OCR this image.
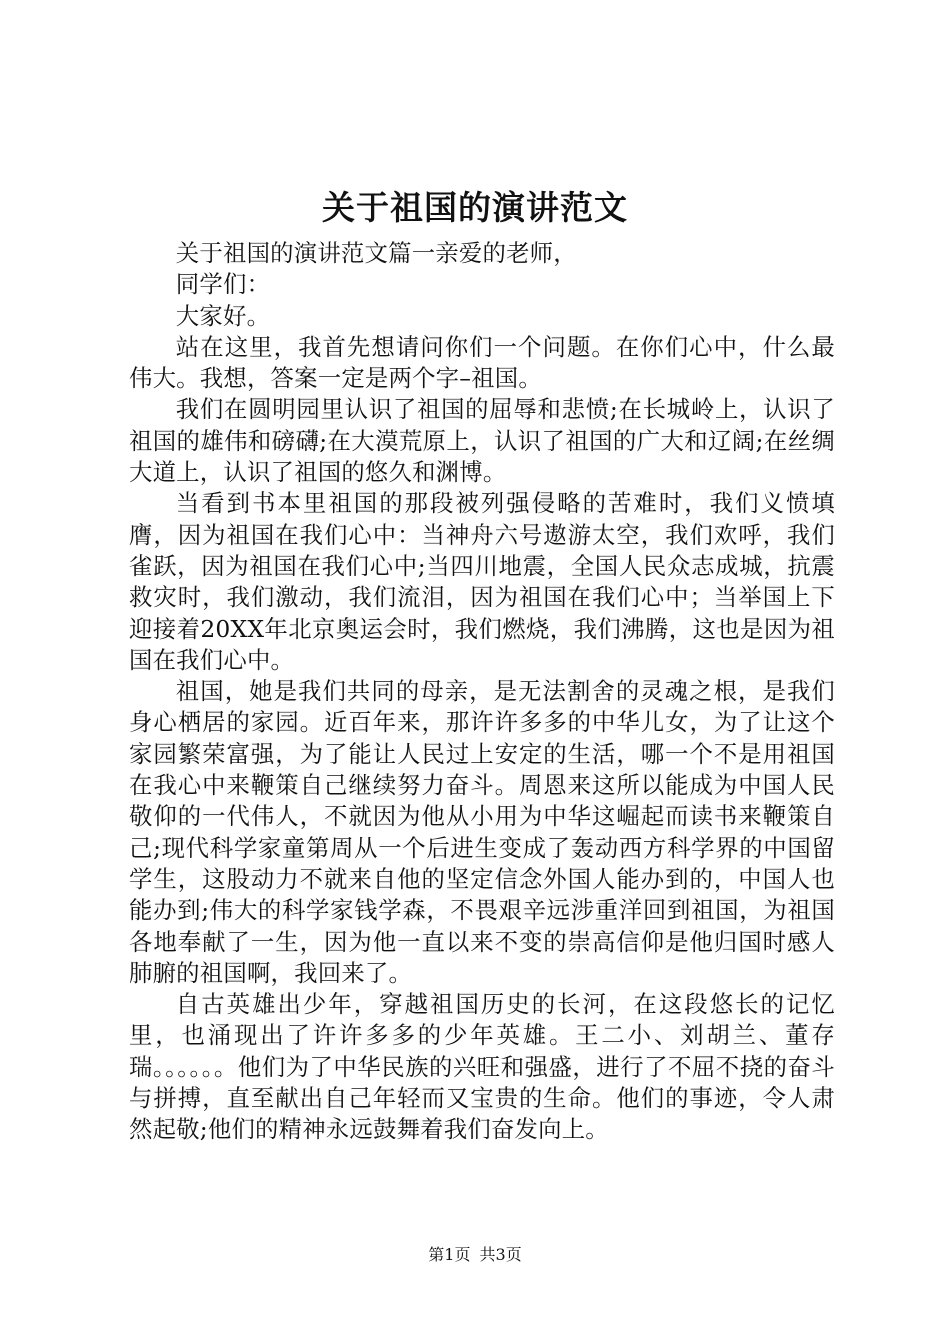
关于祖国的演讲范文

关于祖国的演讲范文篇一亲爱的老师，

同学们：

大家好。

站在这里，我首先想请问你们一个问题。在你们心中，什么最伟大。我想，答案一定是两个字–祖国。

我们在圆明园里认识了祖国的屈辱和悲愤;在长城岭上，认识了祖国的雄伟和磅礴;在大漠荒原上，认识了祖国的广大和辽阔;在丝绸大道上，认识了祖国的悠久和渊博。

当看到书本里祖国的那段被列强侵略的苦难时，我们义愤填膺，因为祖国在我们心中：当神舟六号遨游太空，我们欢呼，我们雀跃，因为祖国在我们心中;当四川地震，全国人民众志成城，抗震救灾时，我们激动，我们流泪，因为祖国在我们心中；当举国上下迎接着20XX年北京奥运会时，我们燃烧，我们沸腾，这也是因为祖国在我们心中。

祖国，她是我们共同的母亲，是无法割舍的灵魂之根，是我们身心栖居的家园。近百年来，那许许多多的中华儿女，为了让这个家园繁荣富强，为了能让人民过上安定的生活，哪一个不是用祖国在我心中来鞭策自己继续努力奋斗。周恩来这所以能成为中国人民敬仰的一代伟人，不就因为他从小用为中华这崛起而读书来鞭策自己;现代科学家童第周从一个后进生变成了轰动西方科学界的中国留学生，这股动力不就来自他的坚定信念外国人能办到的，中国人也能办到;伟大的科学家钱学森，不畏艰辛远涉重洋回到祖国，为祖国各地奉献了一生，因为他一直以来不变的崇高信仰是他归国时感人肺腑的祖国啊，我回来了。

自古英雄出少年，穿越祖国历史的长河，在这段悠长的记忆里，也涌现出了许许多多的少年英雄。王二小、刘胡兰、董存瑞。。。。。。他们为了中华民族的兴旺和强盛，进行了不屈不挠的奋斗与拼搏，直至献出自己年轻而又宝贵的生命。他们的事迹，令人肃然起敬;他们的精神永远鼓舞着我们奋发向上。

第1页 共3页
